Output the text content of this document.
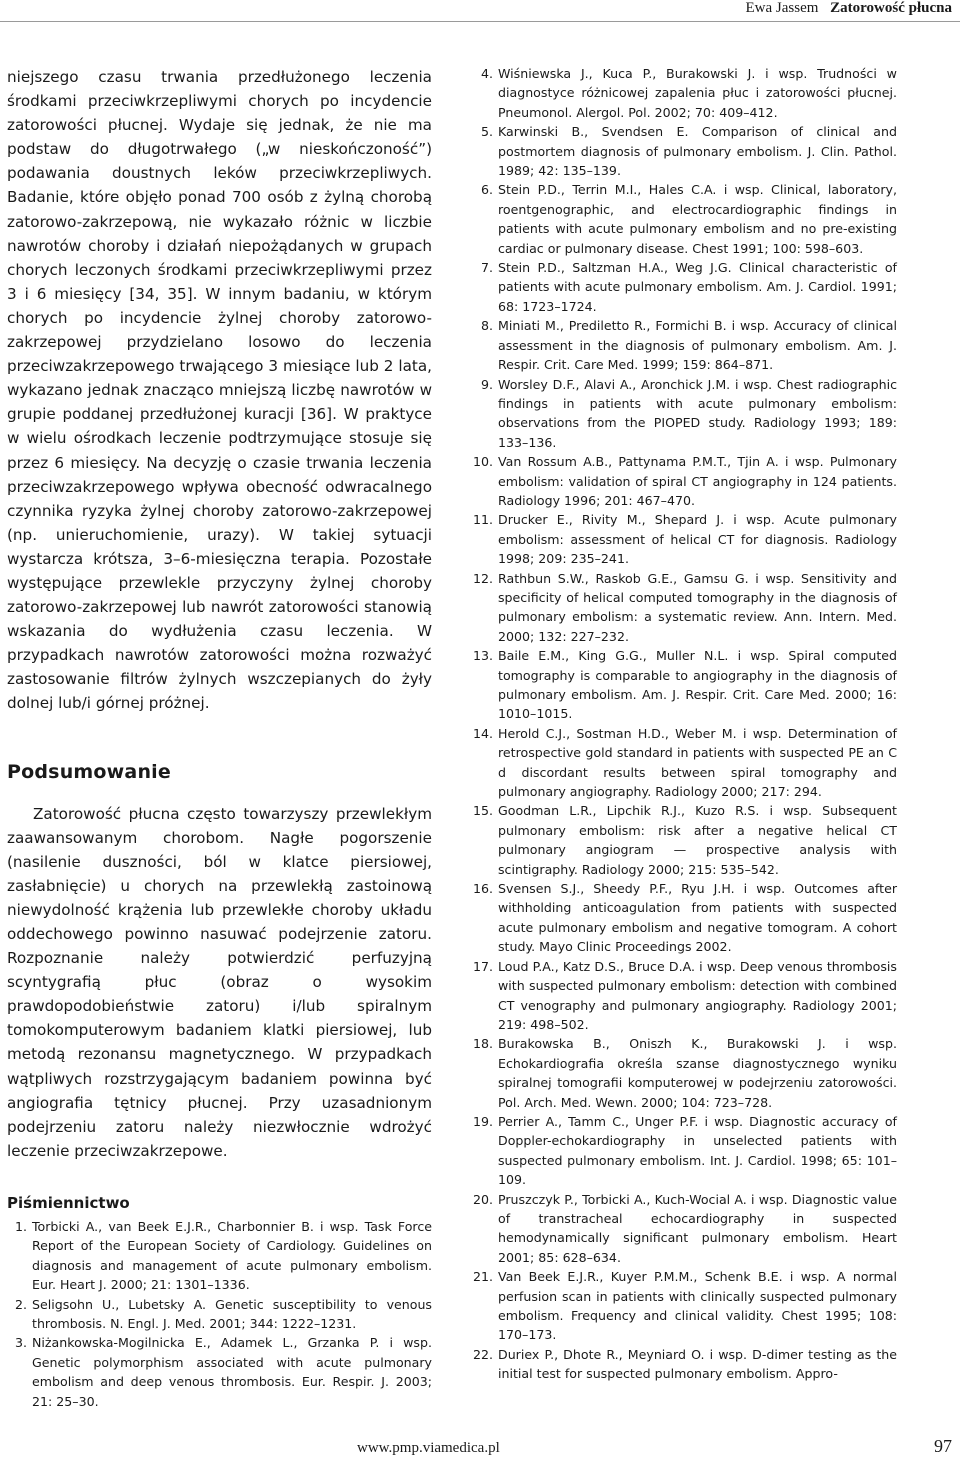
Ewa Jassem Zatorowość płucna

niejszego czasu trwania przedłużonego leczenia środkami przeciwkrzepliwymi chorych po incydencie zatorowości płucnej. Wydaje się jednak, że nie ma podstaw do długotrwałego („w nieskończoność”) podawania doustnych leków przeciwkrzepliwych. Badanie, które objęło ponad 700 osób z żylną chorobą zatorowo-zakrzepową, nie wykazało różnic w liczbie nawrotów choroby i działań niepożądanych w grupach chorych leczonych środkami przeciwkrzepliwymi przez 3 i 6 miesięcy [34, 35]. W innym badaniu, w którym chorych po incydencie żylnej choroby zatorowo-zakrzepowej przydzielano losowo do leczenia przeciwzakrzepowego trwającego 3 miesiące lub 2 lata, wykazano jednak znacząco mniejszą liczbę nawrotów w grupie poddanej przedłużonej kuracji [36]. W praktyce w wielu ośrodkach leczenie podtrzymujące stosuje się przez 6 miesięcy. Na decyzję o czasie trwania leczenia przeciwzakrzepowego wpływa obecność odwracalnego czynnika ryzyka żylnej choroby zatorowo-zakrzepowej (np. unieruchomienie, urazy). W takiej sytuacji wystarcza krótsza, 3–6-miesięczna terapia. Pozostałe występujące przewlekle przyczyny żylnej choroby zatorowo-zakrzepowej lub nawrót zatorowości stanowią wskazania do wydłużenia czasu leczenia. W przypadkach nawrotów zatorowości można rozważyć zastosowanie filtrów żylnych wszczepianych do żyły dolnej lub/i górnej próżnej.

Podsumowanie

Zatorowość płucna często towarzyszy przewlekłym zaawansowanym chorobom. Nagłe pogorszenie (nasilenie duszności, ból w klatce piersiowej, zasłabnięcie) u chorych na przewlekłą zastoinową niewydolność krążenia lub przewlekłe choroby układu oddechowego powinno nasuwać podejrzenie zatoru. Rozpoznanie należy potwierdzić perfuzyjną scyntygrafią płuc (obraz o wysokim prawdopodobieństwie zatoru) i/lub spiralnym tomokomputerowym badaniem klatki piersiowej, lub metodą rezonansu magnetycznego. W przypadkach wątpliwych rozstrzygającym badaniem powinna być angiografia tętnicy płucnej. Przy uzasadnionym podejrzeniu zatoru należy niezwłocznie wdrożyć leczenie przeciwzakrzepowe.

Piśmiennictwo
1. Torbicki A., van Beek E.J.R., Charbonnier B. i wsp. Task Force Report of the European Society of Cardiology. Guidelines on diagnosis and management of acute pulmonary embolism. Eur. Heart J. 2000; 21: 1301–1336.
2. Seligsohn U., Lubetsky A. Genetic susceptibility to venous thrombosis. N. Engl. J. Med. 2001; 344: 1222–1231.
3. Niżankowska-Mogilnicka E., Adamek L., Grzanka P. i wsp. Genetic polymorphism associated with acute pulmonary embolism and deep venous thrombosis. Eur. Respir. J. 2003; 21: 25–30.
4. Wiśniewska J., Kuca P., Burakowski J. i wsp. Trudności w diagnostyce różnicowej zapalenia płuc i zatorowości płucnej. Pneumonol. Alergol. Pol. 2002; 70: 409–412.
5. Karwinski B., Svendsen E. Comparison of clinical and postmortem diagnosis of pulmonary embolism. J. Clin. Pathol. 1989; 42: 135–139.
6. Stein P.D., Terrin M.I., Hales C.A. i wsp. Clinical, laboratory, roentgenographic, and electrocardiographic findings in patients with acute pulmonary embolism and no pre-existing cardiac or pulmonary disease. Chest 1991; 100: 598–603.
7. Stein P.D., Saltzman H.A., Weg J.G. Clinical characteristic of patients with acute pulmonary embolism. Am. J. Cardiol. 1991; 68: 1723–1724.
8. Miniati M., Prediletto R., Formichi B. i wsp. Accuracy of clinical assessment in the diagnosis of pulmonary embolism. Am. J. Respir. Crit. Care Med. 1999; 159: 864–871.
9. Worsley D.F., Alavi A., Aronchick J.M. i wsp. Chest radiographic findings in patients with acute pulmonary embolism: observations from the PIOPED study. Radiology 1993; 189: 133–136.
10. Van Rossum A.B., Pattynama P.M.T., Tjin A. i wsp. Pulmonary embolism: validation of spiral CT angiography in 124 patients. Radiology 1996; 201: 467–470.
11. Drucker E., Rivity M., Shepard J. i wsp. Acute pulmonary embolism: assessment of helical CT for diagnosis. Radiology 1998; 209: 235–241.
12. Rathbun S.W., Raskob G.E., Gamsu G. i wsp. Sensitivity and specificity of helical computed tomography in the diagnosis of pulmonary embolism: a systematic review. Ann. Intern. Med. 2000; 132: 227–232.
13. Baile E.M., King G.G., Muller N.L. i wsp. Spiral computed tomography is comparable to angiography in the diagnosis of pulmonary embolism. Am. J. Respir. Crit. Care Med. 2000; 16: 1010–1015.
14. Herold C.J., Sostman H.D., Weber M. i wsp. Determination of retrospective gold standard in patients with suspected PE an C d discordant results between spiral tomography and pulmonary angiography. Radiology 2000; 217: 294.
15. Goodman L.R., Lipchik R.J., Kuzo R.S. i wsp. Subsequent pulmonary embolism: risk after a negative helical CT pulmonary angiogram — prospective analysis with scintigraphy. Radiology 2000; 215: 535–542.
16. Svensen S.J., Sheedy P.F., Ryu J.H. i wsp. Outcomes after withholding anticoagulation from patients with suspected acute pulmonary embolism and negative tomogram. A cohort study. Mayo Clinic Proceedings 2002.
17. Loud P.A., Katz D.S., Bruce D.A. i wsp. Deep venous thrombosis with suspected pulmonary embolism: detection with combined CT venography and pulmonary angiography. Radiology 2001; 219: 498–502.
18. Burakowska B., Oniszh K., Burakowski J. i wsp. Echokardiografia określa szanse diagnostycznego wyniku spiralnej tomografii komputerowej w podejrzeniu zatorowości. Pol. Arch. Med. Wewn. 2000; 104: 723–728.
19. Perrier A., Tamm C., Unger P.F. i wsp. Diagnostic accuracy of Doppler-echokardiography in unselected patients with suspected pulmonary embolism. Int. J. Cardiol. 1998; 65: 101–109.
20. Pruszczyk P., Torbicki A., Kuch-Wocial A. i wsp. Diagnostic value of transtracheal echocardiography in suspected hemodynamically significant pulmonary embolism. Heart 2001; 85: 628–634.
21. Van Beek E.J.R., Kuyer P.M.M., Schenk B.E. i wsp. A normal perfusion scan in patients with clinically suspected pulmonary embolism. Frequency and clinical validity. Chest 1995; 108: 170–173.
22. Duriex P., Dhote R., Meyniard O. i wsp. D-dimer testing as the initial test for suspected pulmonary embolism. Appro-
www.pmp.viamedica.pl	97
